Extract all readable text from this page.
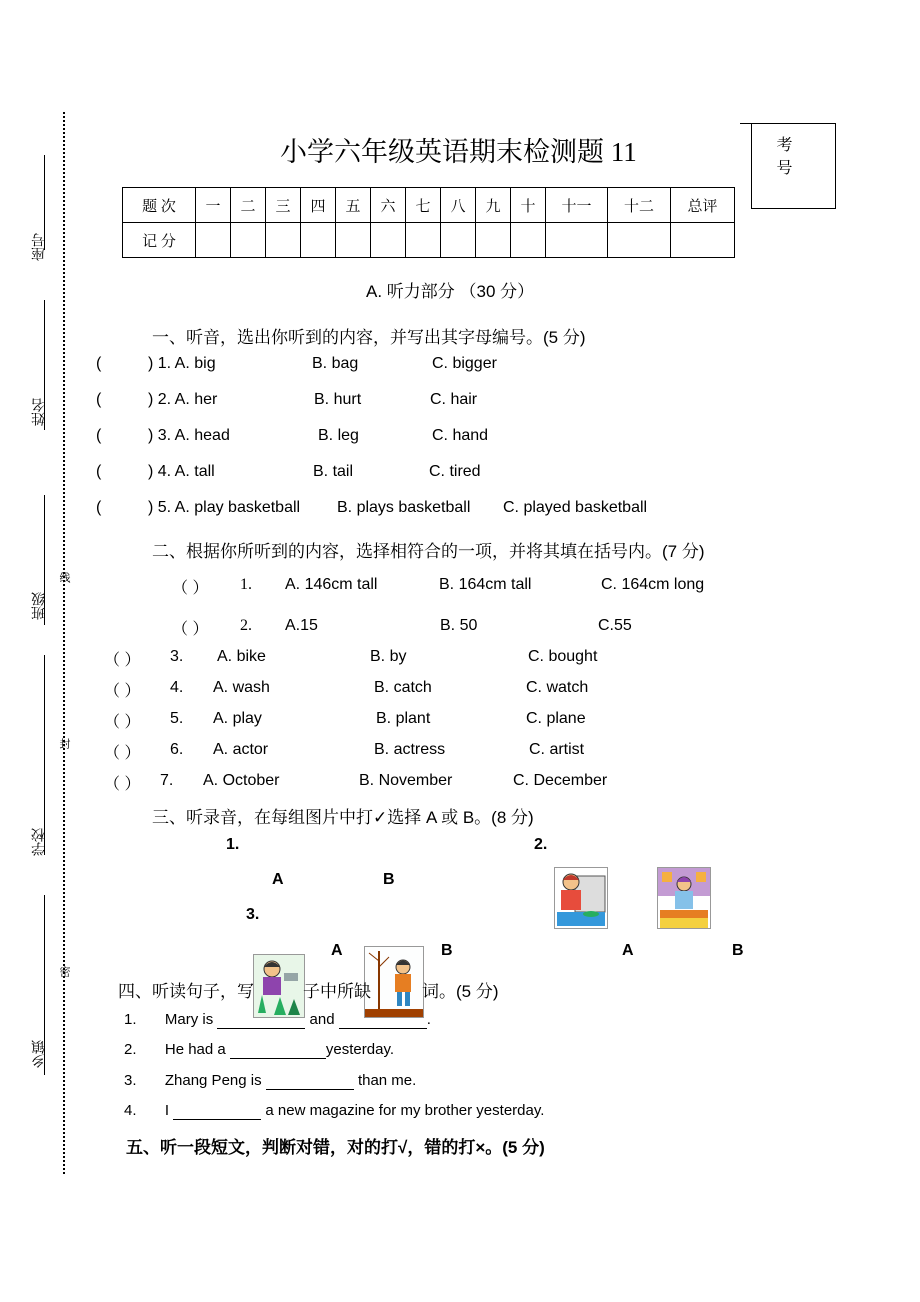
座号
姓名
班级
线
封
学校
密
乡镇
小学六年级英语期末检测题 11	考 号
题 次	一	二	三	四	五	六	七	八	九	十	十一	十二	总评
记 分													
A. 听力部分 （30 分）
一、听音，选出你听到的内容，并写出其字母编号。(5 分)
(	) 1. A. big	B. bag	C. bigger
(	) 2. A. her	B. hurt	C. hair
(	) 3. A. head	B. leg	C. hand
(	) 4. A. tall	B. tail	C. tired
(	) 5. A. play basketball B. plays basketball C. played basketball
二、根据你所听到的内容，选择相符合的一项，并将其填在括号内。(7 分)
（ ） 1. A. 146cm tall	B. 164cm tall	C. 164cm long
（ ） 2. A.15	B. 50	C.55
（ ） 3. A. bike	B. by	C. bought
（ ） 4. A. wash	B. catch	C. watch
（ ） 5. A. play	B. plant	C. plane
（ ） 6. A. actor	B. actress	C. artist
（ ） 7. A. October	B. November	C. December
三、听录音，在每组图片中打✓选择 A 或 B。(8 分)
1.	2.
A	B
3.
A	B	A	B
四、听读句子，写	子中所缺	词。(5 分)
1. Mary is	and	.
2. He had a	yesterday.
3. Zhang Peng is	than me.
4. I	a new magazine for my brother yesterday.
五、听一段短文，判断对错，对的打√，错的打×。(5 分)
